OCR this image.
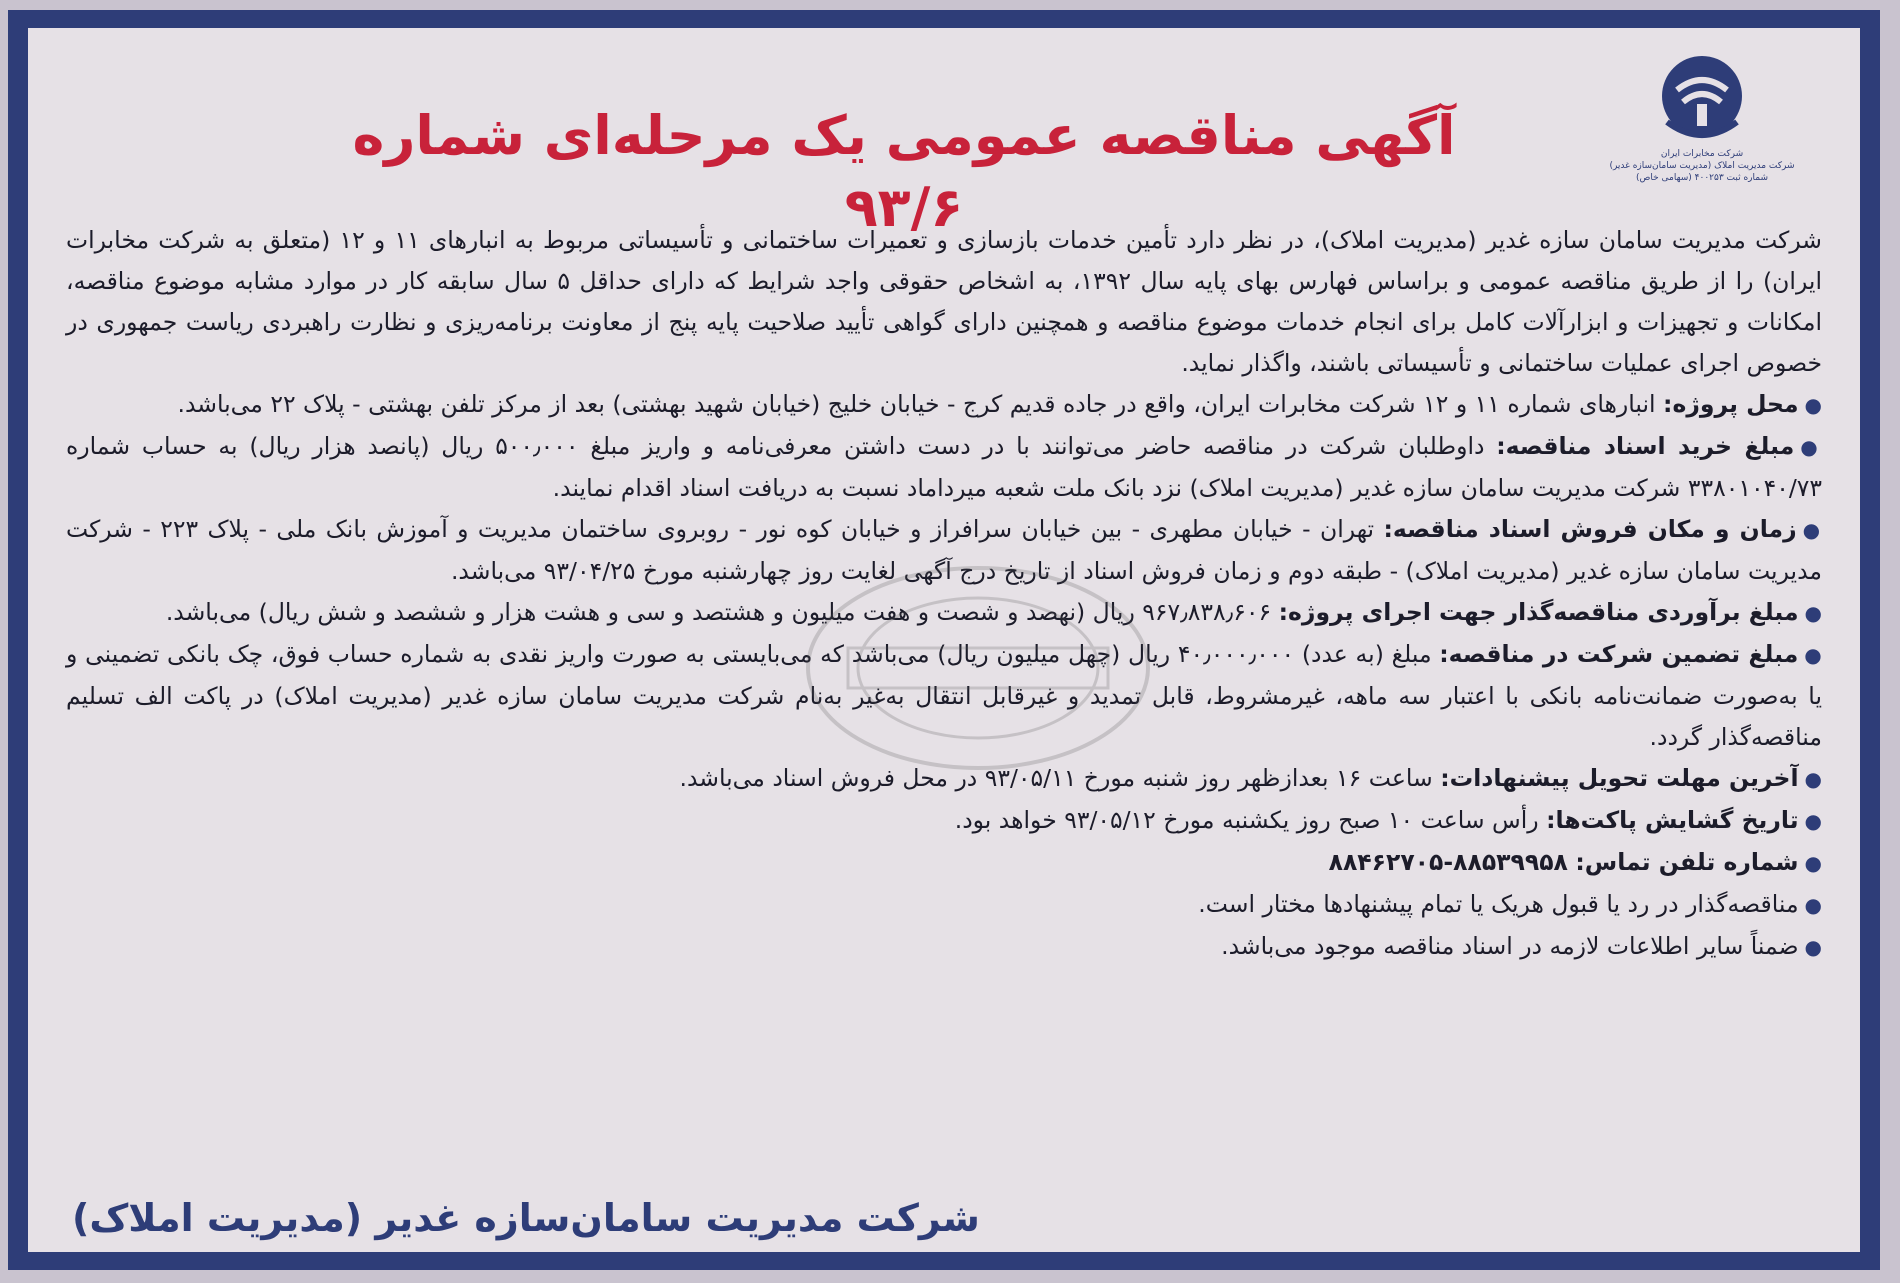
شرکت مخابرات ایران
شرکت مدیریت املاک (مدیریت سامان‌سازه غدیر)
شماره ثبت ۴۰۰۲۵۳ (سهامی خاص)
آگهی مناقصه عمومی یک مرحله‌ای شماره ۹۳/۶

شرکت مدیریت سامان سازه غدیر (مدیریت املاک)، در نظر دارد تأمین خدمات بازسازی و تعمیرات ساختمانی و تأسیساتی مربوط به انبارهای ۱۱ و ۱۲ (متعلق به شرکت مخابرات ایران) را از طریق مناقصه عمومی و براساس فهارس بهای پایه سال ۱۳۹۲، به اشخاص حقوقی واجد شرایط که دارای حداقل ۵ سال سابقه کار در موارد مشابه موضوع مناقصه، امکانات و تجهیزات و ابزارآلات کامل برای انجام خدمات موضوع مناقصه و همچنین دارای گواهی تأیید صلاحیت پایه پنج از معاونت برنامه‌ریزی و نظارت راهبردی ریاست جمهوری در خصوص اجرای عملیات ساختمانی و تأسیساتی باشند، واگذار نماید.

●محل پروژه: انبارهای شماره ۱۱ و ۱۲ شرکت مخابرات ایران، واقع در جاده قدیم کرج - خیابان خلیج (خیابان شهید بهشتی) بعد از مرکز تلفن بهشتی - پلاک ۲۲ می‌باشد.

●مبلغ خرید اسناد مناقصه: داوطلبان شرکت در مناقصه حاضر می‌توانند با در دست داشتن معرفی‌نامه و واریز مبلغ ۵۰۰٫۰۰۰ ریال (پانصد هزار ریال) به حساب شماره ۳۳۸۰۱۰۴۰/۷۳ شرکت مدیریت سامان سازه غدیر (مدیریت املاک) نزد بانک ملت شعبه میرداماد نسبت به دریافت اسناد اقدام نمایند.

●زمان و مکان فروش اسناد مناقصه: تهران - خیابان مطهری - بین خیابان سرافراز و خیابان کوه نور - روبروی ساختمان مدیریت و آموزش بانک ملی - پلاک ۲۲۳ - شرکت مدیریت سامان سازه غدیر (مدیریت املاک) - طبقه دوم و زمان فروش اسناد از تاریخ درج آگهی لغایت روز چهارشنبه مورخ ۹۳/۰۴/۲۵ می‌باشد.

●مبلغ برآوردی مناقصه‌گذار جهت اجرای پروژه: ۹۶۷٫۸۳۸٫۶۰۶ ریال (نهصد و شصت و هفت میلیون و هشتصد و سی و هشت هزار و ششصد و شش ریال) می‌باشد.

●مبلغ تضمین شرکت در مناقصه: مبلغ (به عدد) ۴۰٫۰۰۰٫۰۰۰ ریال (چهل میلیون ریال) می‌باشد که می‌بایستی به صورت واریز نقدی به شماره حساب فوق، چک بانکی تضمینی و یا به‌صورت ضمانت‌نامه بانکی با اعتبار سه ماهه، غیرمشروط، قابل تمدید و غیرقابل انتقال به‌غیر به‌نام شرکت مدیریت سامان سازه غدیر (مدیریت املاک) در پاکت الف تسلیم مناقصه‌گذار گردد.

●آخرین مهلت تحویل پیشنهادات: ساعت ۱۶ بعدازظهر روز شنبه مورخ ۹۳/۰۵/۱۱ در محل فروش اسناد می‌باشد.

●تاریخ گشایش پاکت‌ها: رأس ساعت ۱۰ صبح روز یکشنبه مورخ ۹۳/۰۵/۱۲ خواهد بود.

●شماره تلفن تماس: ۸۸۵۳۹۹۵۸-۸۸۴۶۲۷۰۵

●مناقصه‌گذار در رد یا قبول هریک یا تمام پیشنهادها مختار است.

●ضمناً سایر اطلاعات لازمه در اسناد مناقصه موجود می‌باشد.

شرکت مدیریت سامان‌سازه غدیر (مدیریت املاک)
